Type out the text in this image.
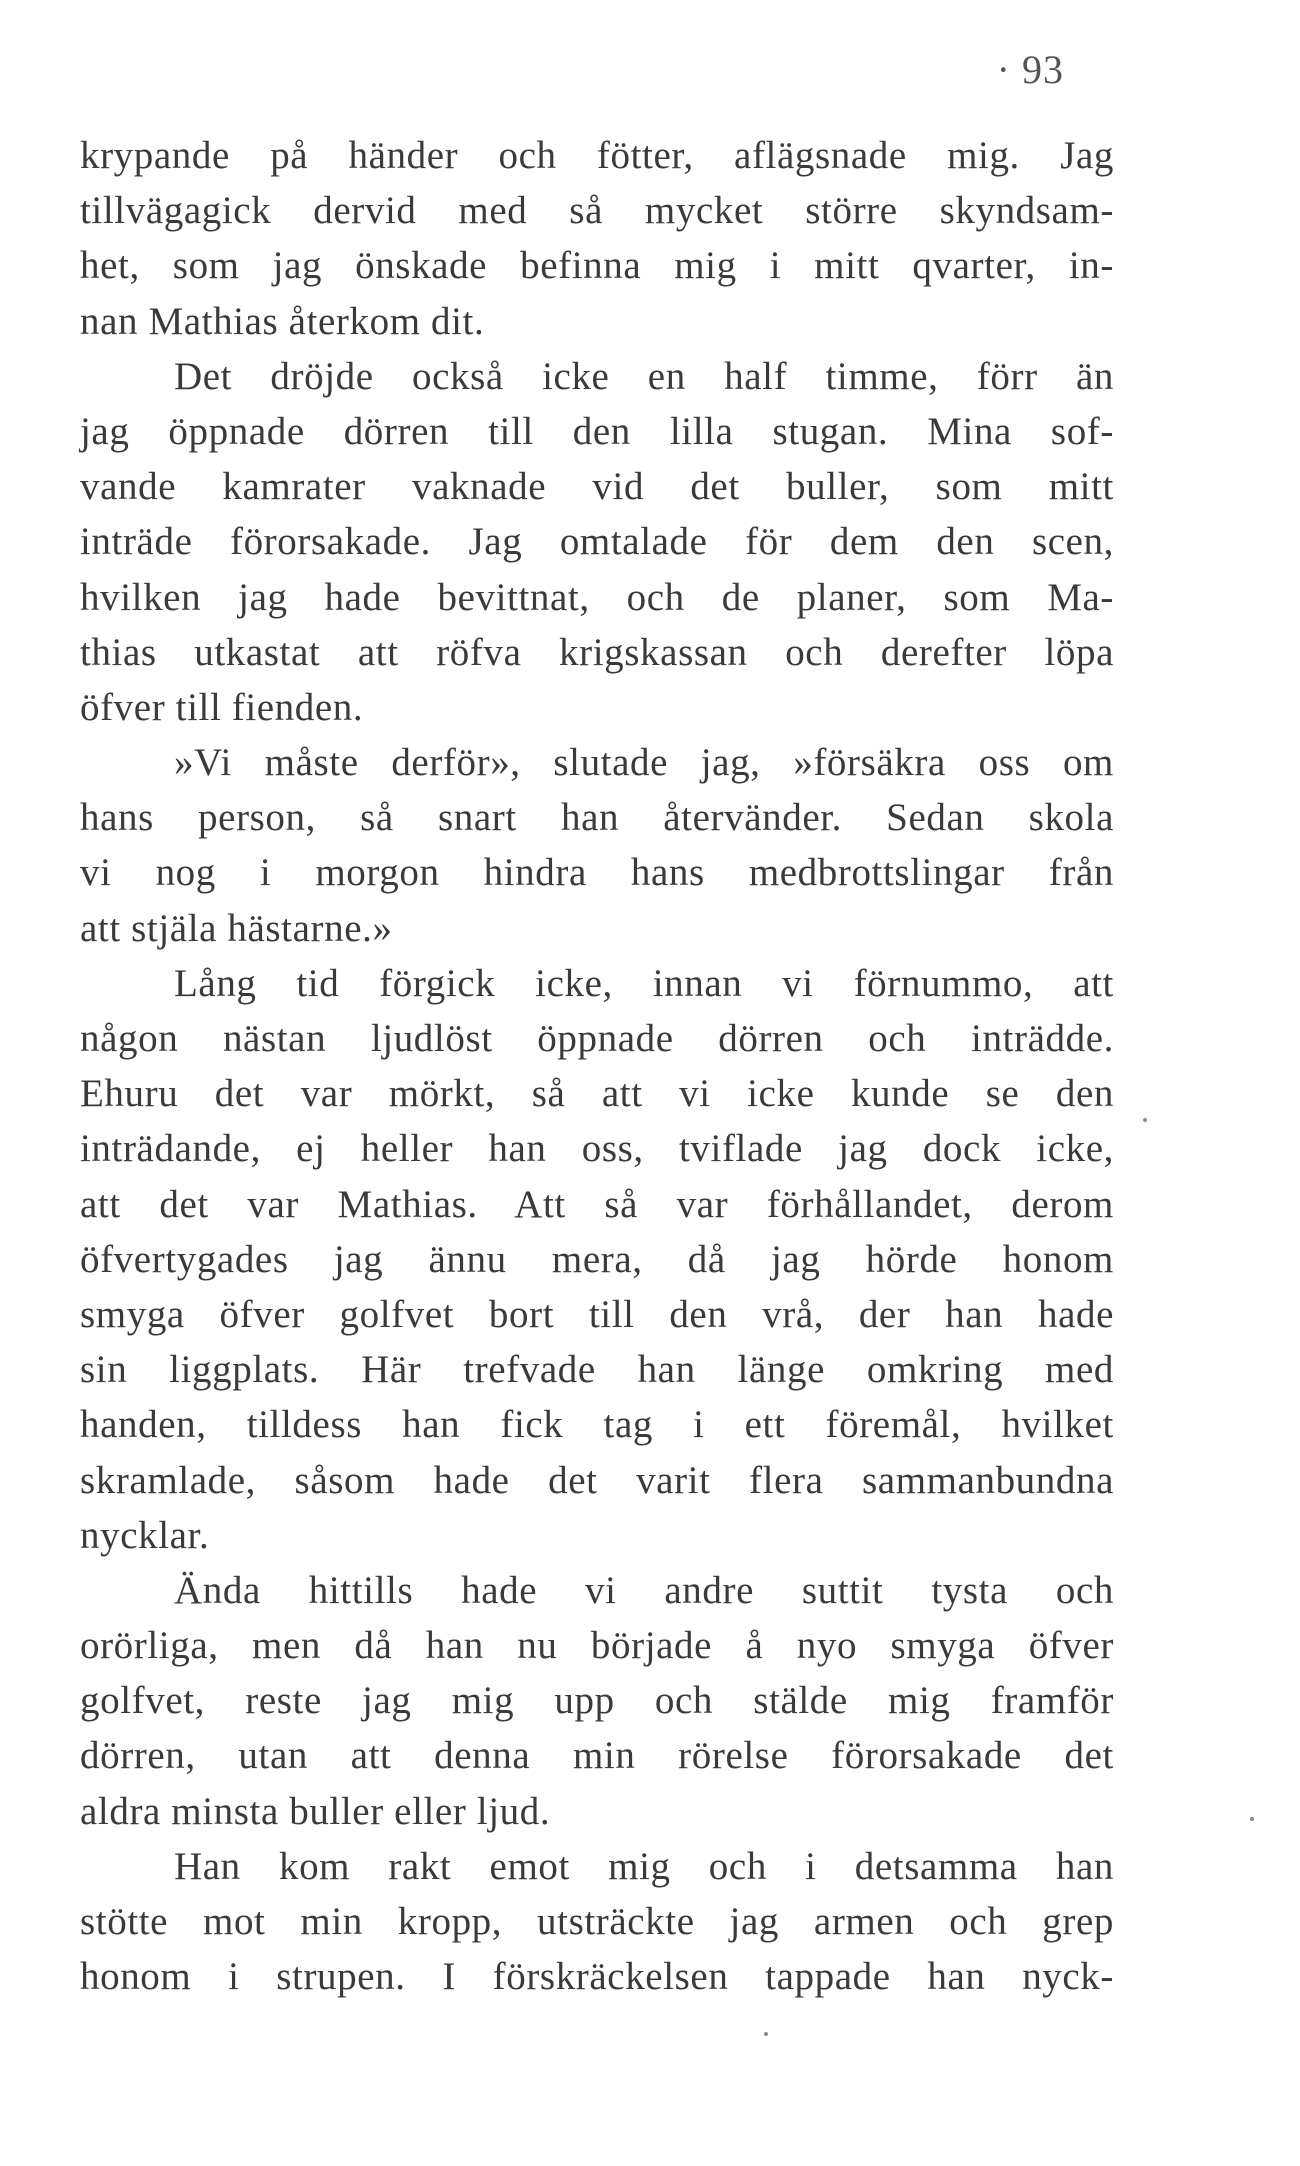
· 93
krypande på händer och fötter, aflägsnade mig. Jag
tillvägagick dervid med så mycket större skyndsam-
het, som jag önskade befinna mig i mitt qvarter, in-
nan Mathias återkom dit.
Det dröjde också icke en half timme, förr än
jag öppnade dörren till den lilla stugan. Mina sof-
vande kamrater vaknade vid det buller, som mitt
inträde förorsakade. Jag omtalade för dem den scen,
hvilken jag hade bevittnat, och de planer, som Ma-
thias utkastat att röfva krigskassan och derefter löpa
öfver till fienden.
»Vi måste derför», slutade jag, »försäkra oss om
hans person, så snart han återvänder. Sedan skola
vi nog i morgon hindra hans medbrottslingar från
att stjäla hästarne.»
Lång tid förgick icke, innan vi förnummo, att
någon nästan ljudlöst öppnade dörren och inträdde.
Ehuru det var mörkt, så att vi icke kunde se den
inträdande, ej heller han oss, tviflade jag dock icke,
att det var Mathias. Att så var förhållandet, derom
öfvertygades jag ännu mera, då jag hörde honom
smyga öfver golfvet bort till den vrå, der han hade
sin liggplats. Här trefvade han länge omkring med
handen, tilldess han fick tag i ett föremål, hvilket
skramlade, såsom hade det varit flera sammanbundna
nycklar.
Ända hittills hade vi andre suttit tysta och
orörliga, men då han nu började å nyo smyga öfver
golfvet, reste jag mig upp och stälde mig framför
dörren, utan att denna min rörelse förorsakade det
aldra minsta buller eller ljud.
Han kom rakt emot mig och i detsamma han
stötte mot min kropp, utsträckte jag armen och grep
honom i strupen. I förskräckelsen tappade han nyck-
